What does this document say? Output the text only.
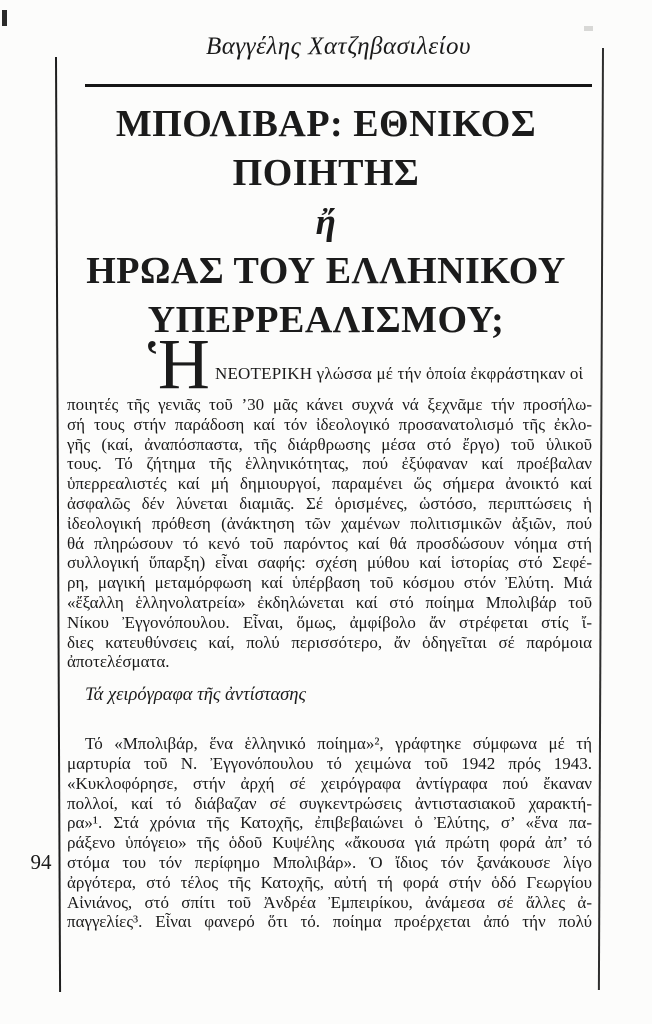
Βαγγέλης Χατζηβασιλείου
ΜΠΟΛΙΒΑΡ: ΕΘΝΙΚΟΣ ΠΟΙΗΤΗΣ
ἤ
ΗΡΩΑΣ ΤΟΥ ΕΛΛΗΝΙΚΟΥ
ΥΠΕΡΡΕΑΛΙΣΜΟΥ;
Ἡ ΝΕΟΤΕΡΙΚΗ γλώσσα μέ τήν ὁποία ἐκφράστηκαν οἱ
ποιητές τῆς γενιᾶς τοῦ ’30 μᾶς κάνει συχνά νά ξεχνᾶμε τήν προσήλω-
σή τους στήν παράδοση καί τόν ἰδεολογικό προσανατολισμό τῆς ἐκλο-
γῆς (καί, ἀναπόσπαστα, τῆς διάρθρωσης μέσα στό ἔργο) τοῦ ὑλικοῦ
τους. Τό ζήτημα τῆς ἑλληνικότητας, πού ἐξύφαναν καί προέβαλαν
ὑπερρεαλιστές καί μή δημιουργοί, παραμένει ὥς σήμερα ἀνοικτό καί
ἀσφαλῶς δέν λύνεται διαμιᾶς. Σέ ὁρισμένες, ὡστόσο, περιπτώσεις ἡ
ἰδεολογική πρόθεση (ἀνάκτηση τῶν χαμένων πολιτισμικῶν ἀξιῶν, πού
θά πληρώσουν τό κενό τοῦ παρόντος καί θά προσδώσουν νόημα στή
συλλογική ὕπαρξη) εἶναι σαφής: σχέση μύθου καί ἱστορίας στό Σεφέ-
ρη, μαγική μεταμόρφωση καί ὑπέρβαση τοῦ κόσμου στόν Ἐλύτη. Μιά
«ἔξαλλη ἑλληνολατρεία» ἐκδηλώνεται καί στό ποίημα Μπολιβάρ τοῦ
Νίκου Ἐγγονόπουλου. Εἶναι, ὅμως, ἀμφίβολο ἄν στρέφεται στίς ἴ-
διες κατευθύνσεις καί, πολύ περισσότερο, ἄν ὁδηγεῖται σέ παρόμοια
ἀποτελέσματα.
Τά χειρόγραφα τῆς ἀντίστασης
Τό «Μπολιβάρ, ἕνα ἑλληνικό ποίημα»², γράφτηκε σύμφωνα μέ τή
μαρτυρία τοῦ Ν. Ἐγγονόπουλου τό χειμώνα τοῦ 1942 πρός 1943.
«Κυκλοφόρησε, στήν ἀρχή σέ χειρόγραφα ἀντίγραφα πού ἔκαναν
πολλοί, καί τό διάβαζαν σέ συγκεντρώσεις ἀντιστασιακοῦ χαρακτή-
ρα»¹. Στά χρόνια τῆς Κατοχῆς, ἐπιβεβαιώνει ὁ Ἐλύτης, σ’ «ἕνα πα-
ράξενο ὑπόγειο» τῆς ὁδοῦ Κυψέλης «ἄκουσα γιά πρώτη φορά ἀπ’ τό
στόμα του τόν περίφημο Μπολιβάρ». Ὁ ἴδιος τόν ξανάκουσε λίγο
ἀργότερα, στό τέλος τῆς Κατοχῆς, αὐτή τή φορά στήν ὁδό Γεωργίου
Αἰνιάνος, στό σπίτι τοῦ Ἀνδρέα Ἐμπειρίκου, ἀνάμεσα σέ ἄλλες ἀ-
παγγελίες³. Εἶναι φανερό ὅτι τό. ποίημα προέρχεται ἀπό τήν πολύ
94
